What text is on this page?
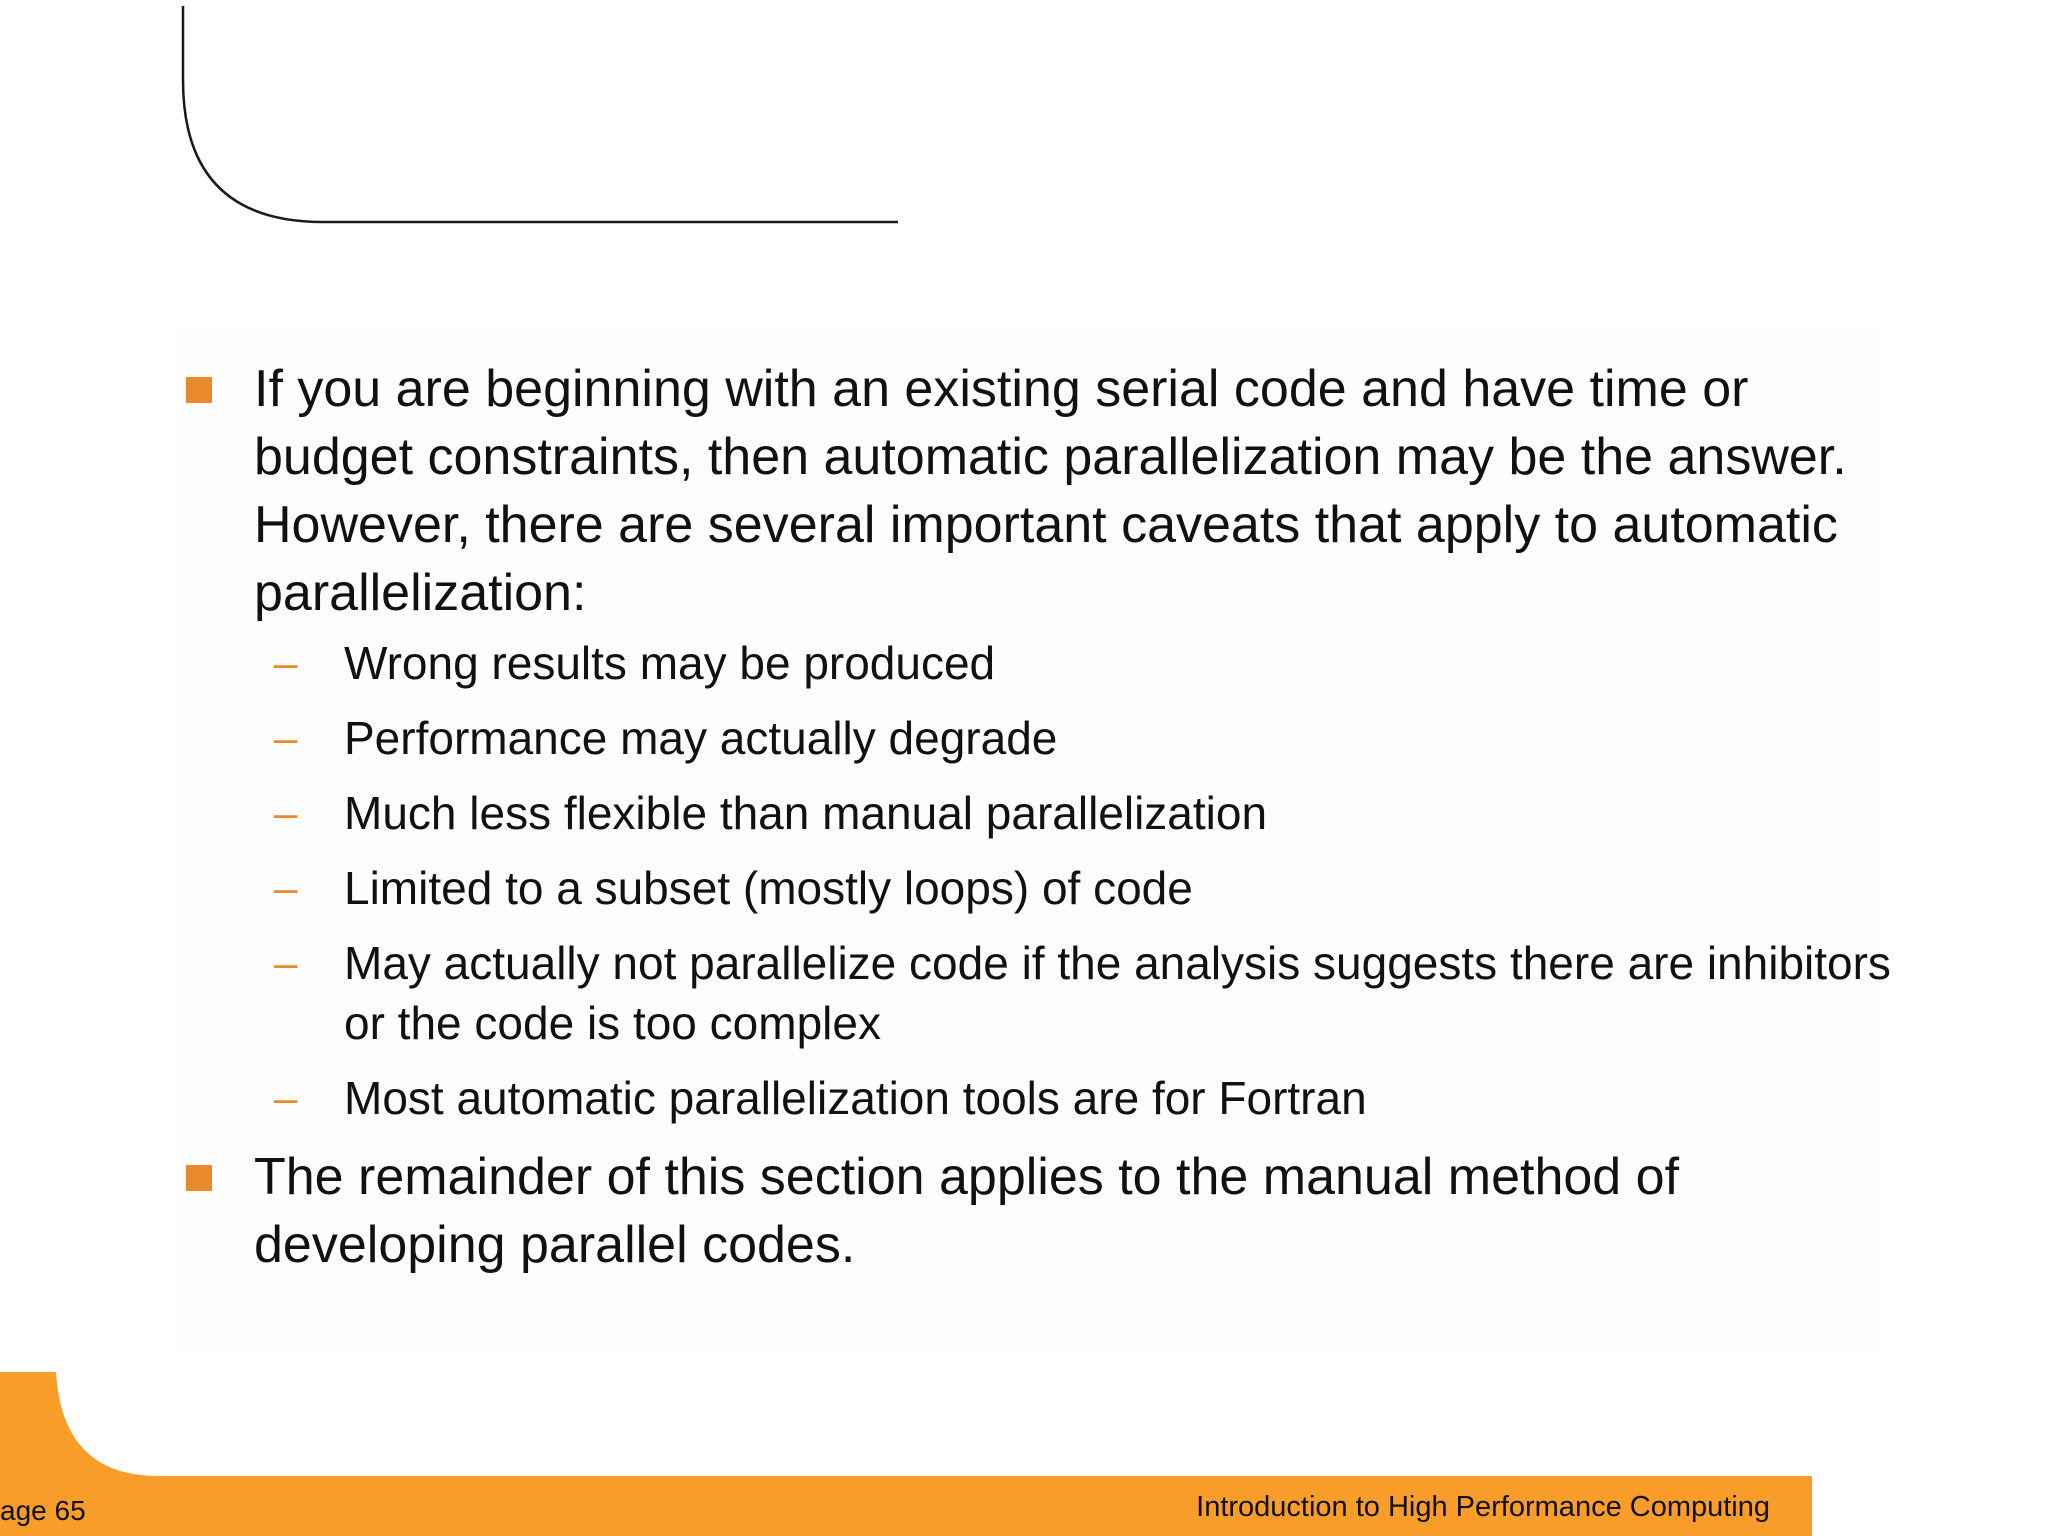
If you are beginning with an existing serial code and have time or budget constraints, then automatic parallelization may be the answer. However, there are several important caveats that apply to automatic parallelization:
– Wrong results may be produced
– Performance may actually degrade
– Much less flexible than manual parallelization
– Limited to a subset (mostly loops) of code
– May actually not parallelize code if the analysis suggests there are inhibitors or the code is too complex
– Most automatic parallelization tools are for Fortran
The remainder of this section applies to the manual method of developing parallel codes.
age 65	Introduction to High Performance Computing
